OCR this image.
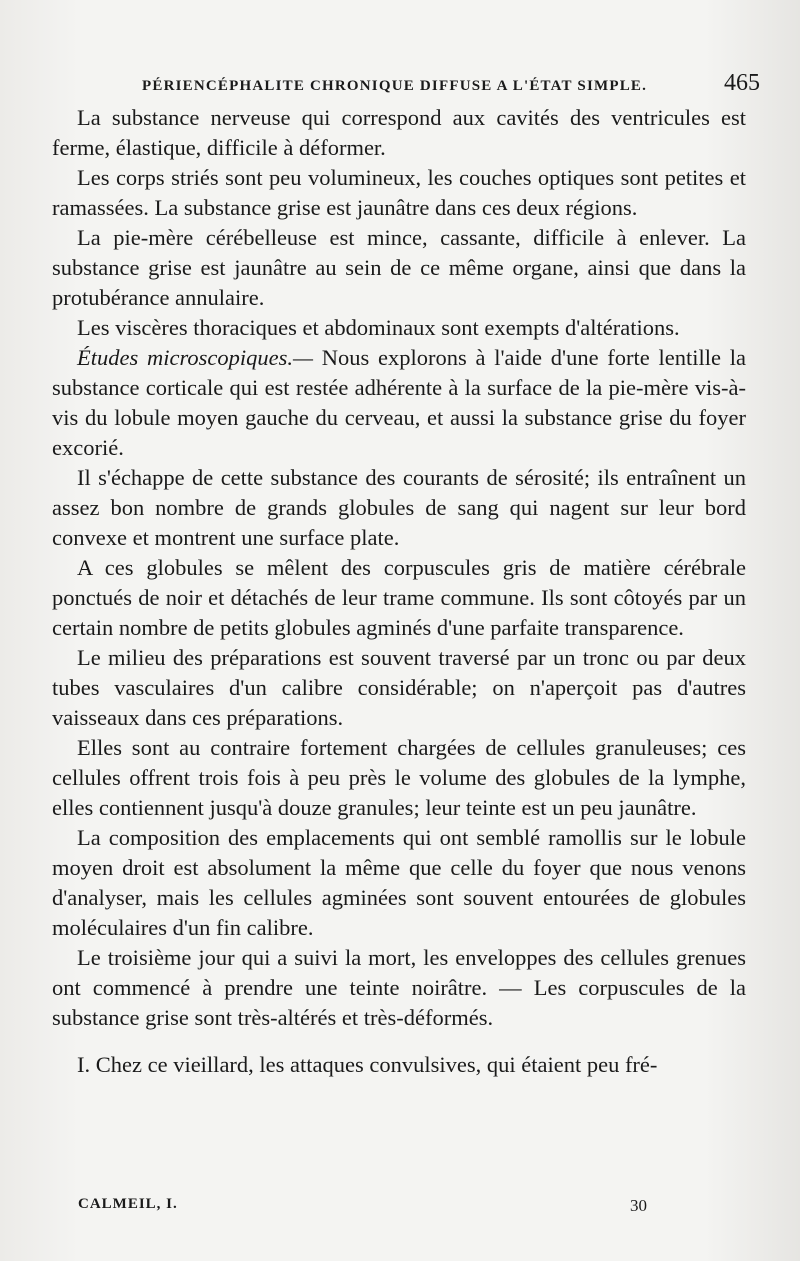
PÉRIENCÉPHALITE CHRONIQUE DIFFUSE A L'ÉTAT SIMPLE.	465

La substance nerveuse qui correspond aux cavités des ventricules est ferme, élastique, difficile à déformer.

Les corps striés sont peu volumineux, les couches optiques sont petites et ramassées. La substance grise est jaunâtre dans ces deux régions.

La pie-mère cérébelleuse est mince, cassante, difficile à enlever. La substance grise est jaunâtre au sein de ce même organe, ainsi que dans la protubérance annulaire.

Les viscères thoraciques et abdominaux sont exempts d'altérations.

Études microscopiques.— Nous explorons à l'aide d'une forte lentille la substance corticale qui est restée adhérente à la surface de la pie-mère vis-à-vis du lobule moyen gauche du cerveau, et aussi la substance grise du foyer excorié.

Il s'échappe de cette substance des courants de sérosité; ils entraînent un assez bon nombre de grands globules de sang qui nagent sur leur bord convexe et montrent une surface plate.

A ces globules se mêlent des corpuscules gris de matière cérébrale ponctués de noir et détachés de leur trame commune. Ils sont côtoyés par un certain nombre de petits globules agminés d'une parfaite transparence.

Le milieu des préparations est souvent traversé par un tronc ou par deux tubes vasculaires d'un calibre considérable; on n'aperçoit pas d'autres vaisseaux dans ces préparations.

Elles sont au contraire fortement chargées de cellules granuleuses; ces cellules offrent trois fois à peu près le volume des globules de la lymphe, elles contiennent jusqu'à douze granules; leur teinte est un peu jaunâtre.

La composition des emplacements qui ont semblé ramollis sur le lobule moyen droit est absolument la même que celle du foyer que nous venons d'analyser, mais les cellules agminées sont souvent entourées de globules moléculaires d'un fin calibre.

Le troisième jour qui a suivi la mort, les enveloppes des cellules grenues ont commencé à prendre une teinte noirâtre. — Les corpuscules de la substance grise sont très-altérés et très-déformés.

I. Chez ce vieillard, les attaques convulsives, qui étaient peu fré-

CALMEIL, I.	30
